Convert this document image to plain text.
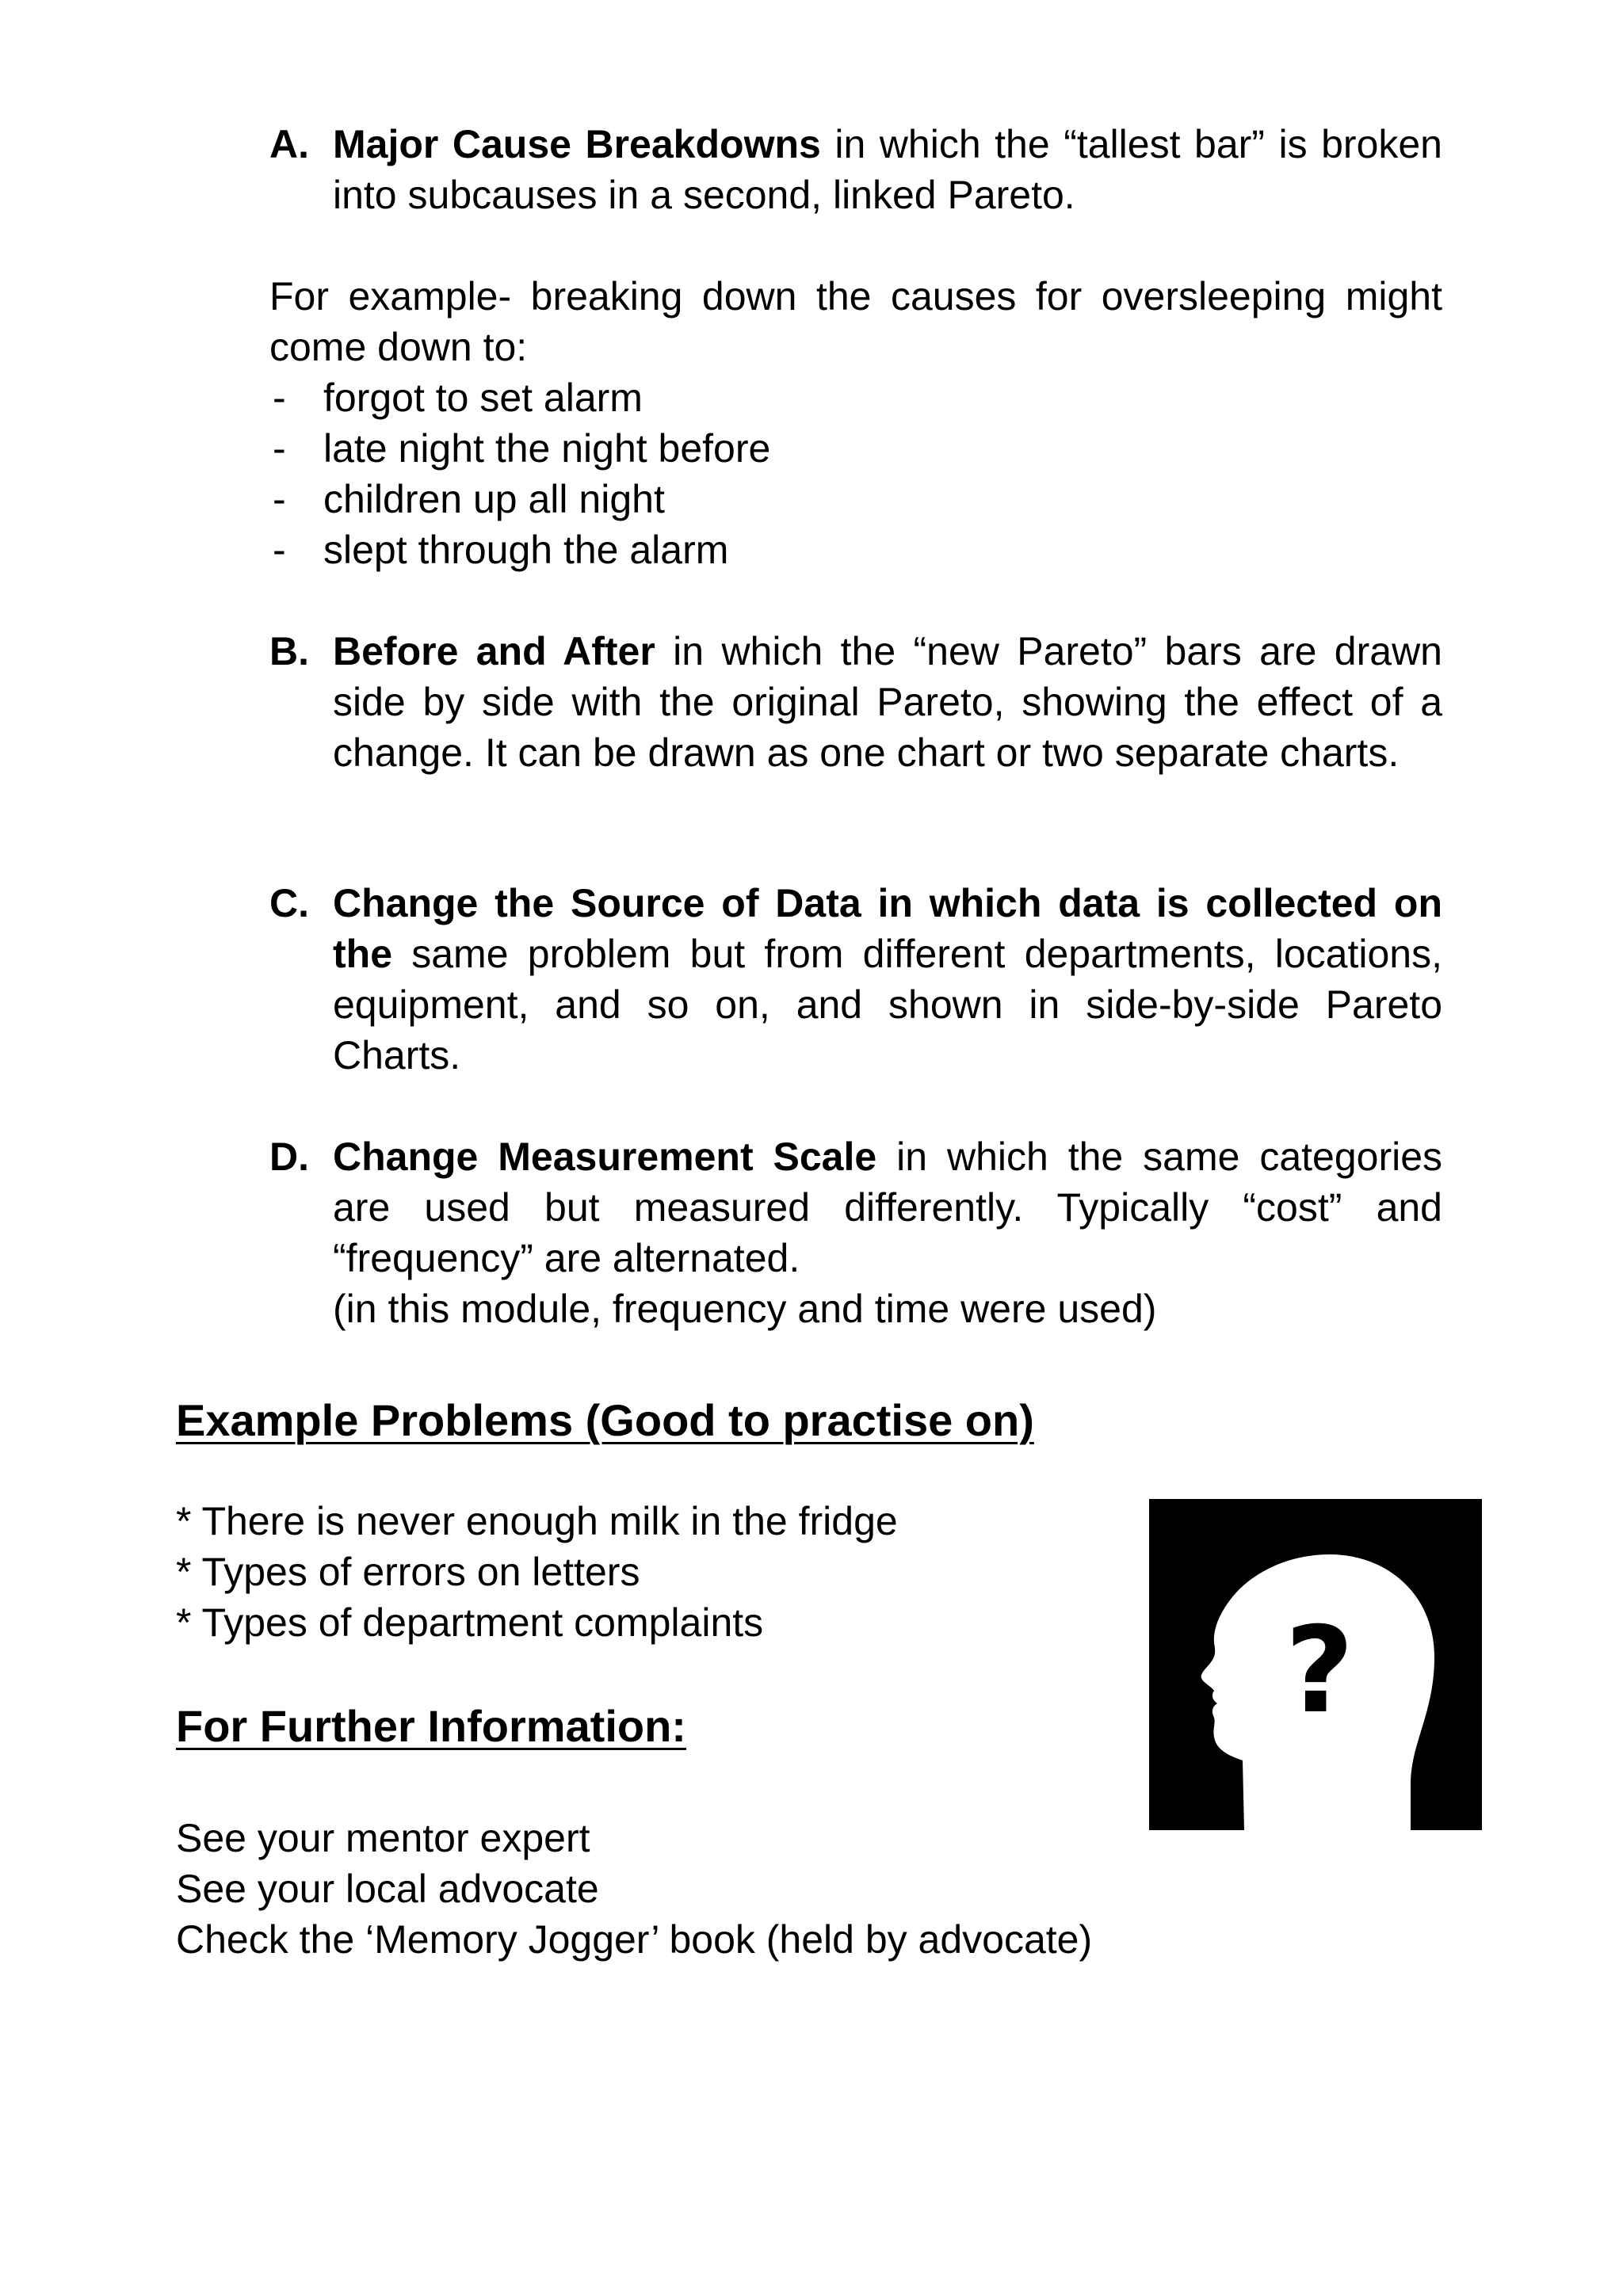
A. Major Cause Breakdowns in which the “tallest bar” is broken into subcauses in a second, linked Pareto.
For example- breaking down the causes for oversleeping might come down to:
- forgot to set alarm
- late night the night before
- children up all night
- slept through the alarm
B. Before and After in which the “new Pareto” bars are drawn side by side with the original Pareto, showing the effect of a change. It can be drawn as one chart or two separate charts.
C. Change the Source of Data in which data is collected on the same problem but from different departments, locations, equipment, and so on, and shown in side-by-side Pareto Charts.
D. Change Measurement Scale in which the same categories are used but measured differently. Typically “cost” and “frequency” are alternated.
(in this module, frequency and time were used)
Example Problems (Good to practise on)
* There is never enough milk in the fridge
* Types of errors on letters
* Types of department complaints
For Further Information:
See your mentor expert
See your local advocate
Check the ‘Memory Jogger’ book (held by advocate)
?
